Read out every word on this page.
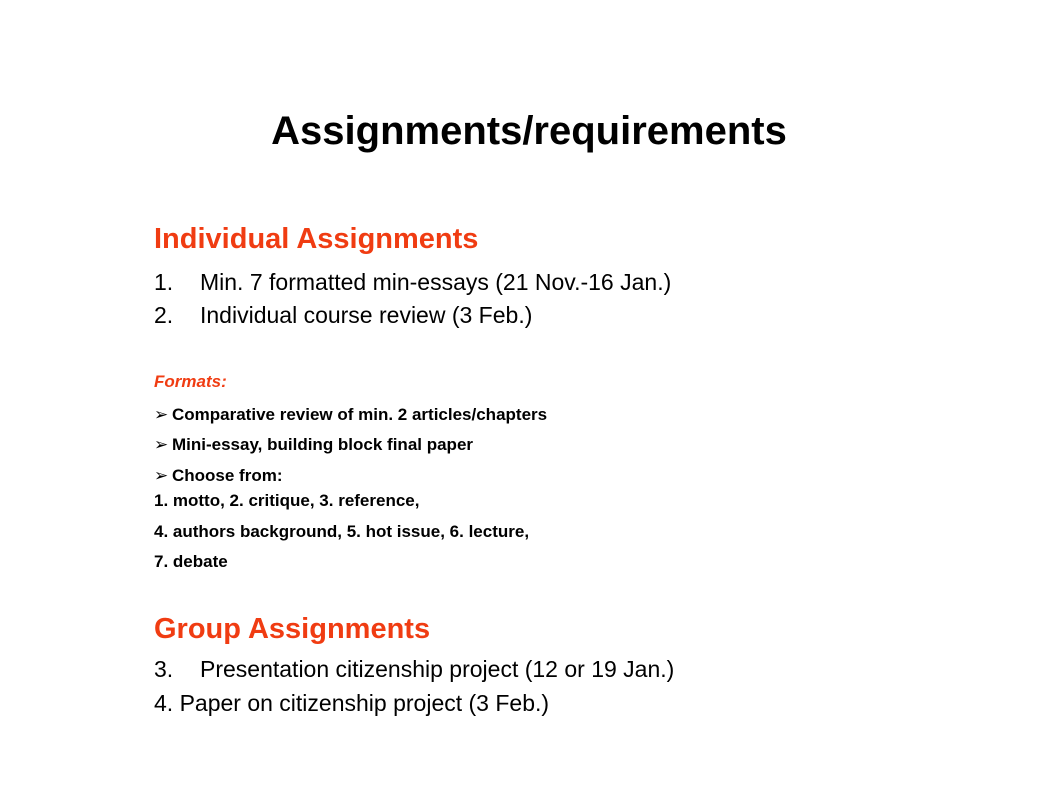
Assignments/requirements
Individual Assignments
1. Min. 7 formatted min-essays (21 Nov.-16 Jan.)
2. Individual course review (3 Feb.)
Formats:
➢ Comparative review of min. 2 articles/chapters
➢ Mini-essay, building block final paper
➢ Choose from:
1. motto, 2. critique, 3. reference,
4. authors background, 5. hot issue, 6. lecture,
7. debate
Group Assignments
3. Presentation citizenship project (12 or 19 Jan.)
4. Paper on citizenship project (3 Feb.)
